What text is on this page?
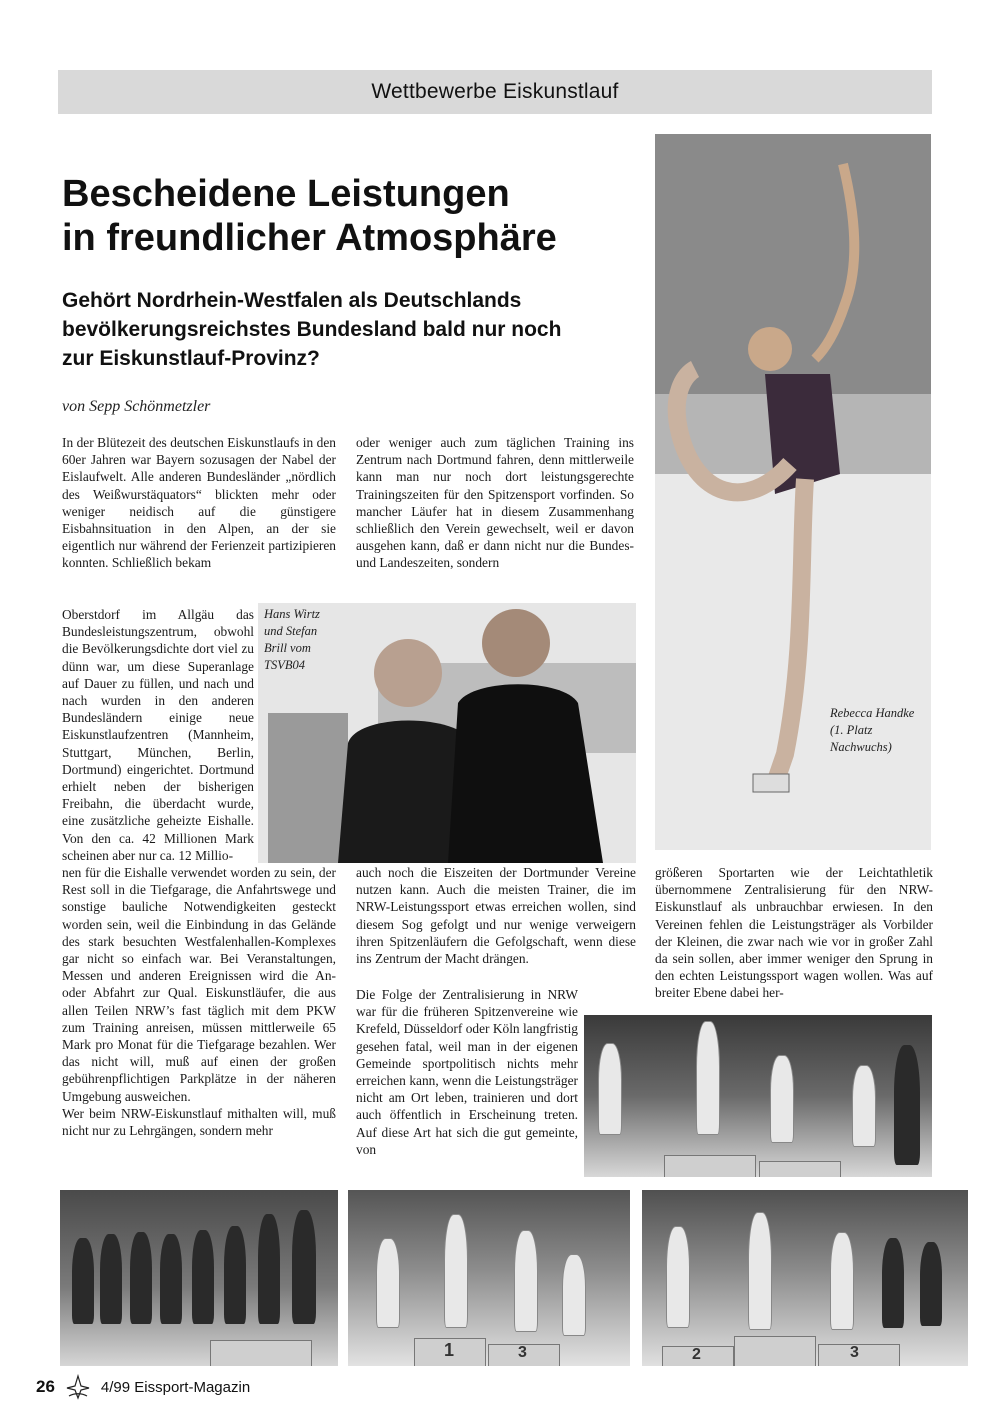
Wettbewerbe Eiskunstlauf
Bescheidene Leistungen
in freundlicher Atmosphäre
Gehört Nordrhein-Westfalen als Deutschlands
bevölkerungsreichstes Bundesland bald nur noch
zur Eiskunstlauf-Provinz?
von Sepp Schönmetzler
Rebecca Handke (1. Platz Nachwuchs)

In der Blütezeit des deutschen Eiskunstlaufs in den 60er Jahren war Bayern sozusagen der Nabel der Eislaufwelt. Alle anderen Bundesländer „nördlich des Weißwurstäquators“ blickten mehr oder weniger neidisch auf die günstigere Eisbahnsituation in den Alpen, an der sie eigentlich nur während der Ferienzeit partizipieren konnten. Schließlich bekam

Oberstdorf im Allgäu das Bundesleistungszentrum, obwohl die Bevölkerungsdichte dort viel zu dünn war, um diese Superanlage auf Dauer zu füllen, und nach und nach wurden in den anderen Bundesländern einige neue Eiskunstlaufzentren (Mannheim, Stuttgart, München, Berlin, Dortmund) eingerichtet. Dortmund erhielt neben der bisherigen Freibahn, die überdacht wurde, eine zusätzliche geheizte Eishalle. Von den ca. 42 Millionen Mark scheinen aber nur ca. 12 Millio-

oder weniger auch zum täglichen Training ins Zentrum nach Dortmund fahren, denn mittlerweile kann man nur noch dort leistungsgerechte Trainingszeiten für den Spitzensport vorfinden. So mancher Läufer hat in diesem Zusammenhang schließlich den Verein gewechselt, weil er davon ausgehen kann, daß er dann nicht nur die Bundes- und Landeszeiten, sondern

Hans Wirtz und Stefan Brill vom TSVB04

nen für die Eishalle verwendet worden zu sein, der Rest soll in die Tiefgarage, die Anfahrtswege und sonstige bauliche Notwendigkeiten gesteckt worden sein, weil die Einbindung in das Gelände des stark besuchten Westfalenhallen-Komplexes gar nicht so einfach war. Bei Veranstaltungen, Messen und anderen Ereignissen wird die An- oder Abfahrt zur Qual. Eiskunstläufer, die aus allen Teilen NRW’s fast täglich mit dem PKW zum Training anreisen, müssen mittlerweile 65 Mark pro Monat für die Tiefgarage bezahlen. Wer das nicht will, muß auf einen der großen gebührenpflichtigen Parkplätze in der näheren Umgebung ausweichen.

Wer beim NRW-Eiskunstlauf mithalten will, muß nicht nur zu Lehrgängen, sondern mehr

auch noch die Eiszeiten der Dortmunder Vereine nutzen kann. Auch die meisten Trainer, die im NRW-Leistungssport etwas erreichen wollen, sind diesem Sog gefolgt und nur wenige verweigern ihren Spitzenläufern die Gefolgschaft, wenn diese ins Zentrum der Macht drängen.

Die Folge der Zentralisierung in NRW war für die früheren Spitzenvereine wie Krefeld, Düsseldorf oder Köln langfristig gesehen fatal, weil man in der eigenen Gemeinde sportpolitisch nichts mehr erreichen kann, wenn die Leistungsträger nicht am Ort leben, trainieren und dort auch öffentlich in Erscheinung treten. Auf diese Art hat sich die gut gemeinte, von

größeren Sportarten wie der Leichtathletik übernommene Zentralisierung für den NRW-Eiskunstlauf als unbrauchbar erwiesen. In den Vereinen fehlen die Leistungsträger als Vorbilder der Kleinen, die zwar nach wie vor in großer Zahl da sein sollen, aber immer weniger den Sprung in den echten Leistungssport wagen wollen. Was auf breiter Ebene dabei her-

1	3	2	3
26	4/99 Eissport-Magazin
